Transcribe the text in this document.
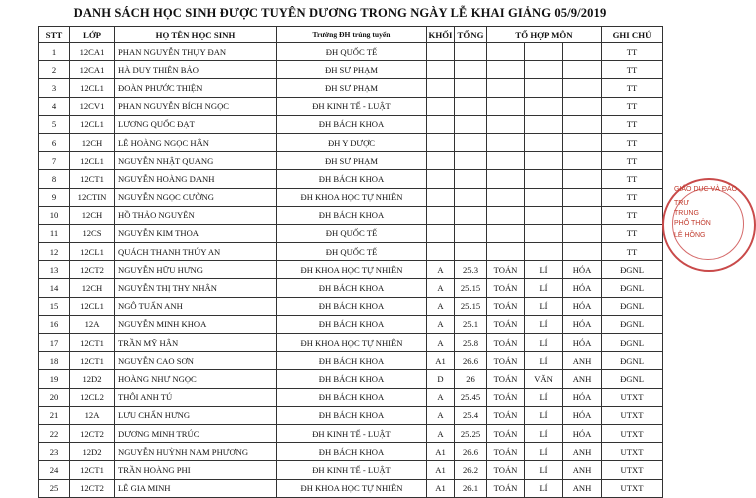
DANH SÁCH HỌC SINH ĐƯỢC TUYÊN DƯƠNG TRONG NGÀY LỄ KHAI GIẢNG 05/9/2019
STT	LỚP	HỌ TÊN HỌC SINH	Trường ĐH trúng tuyển	KHỐI	TỔNG	TỔ HỢP MÔN			GHI CHÚ
1	12CA1	PHAN NGUYỄN THỤY ĐAN	ĐH QUỐC TẾ						TT
2	12CA1	HÀ DUY THIÊN BẢO	ĐH SƯ PHẠM						TT
3	12CL1	ĐOÀN PHƯỚC THIỆN	ĐH SƯ PHẠM						TT
4	12CV1	PHAN NGUYỄN BÍCH NGỌC	ĐH KINH TẾ - LUẬT						TT
5	12CL1	LƯƠNG QUỐC ĐẠT	ĐH BÁCH KHOA						TT
6	12CH	LÊ HOÀNG NGỌC HÂN	ĐH Y DƯỢC						TT
7	12CL1	NGUYỄN NHẬT QUANG	ĐH SƯ PHẠM						TT
8	12CT1	NGUYỄN HOÀNG DANH	ĐH BÁCH KHOA						TT
9	12CTIN	NGUYỄN NGỌC CƯỜNG	ĐH KHOA HỌC TỰ NHIÊN						TT
10	12CH	HỒ THẢO NGUYÊN	ĐH BÁCH KHOA						TT
11	12CS	NGUYỄN KIM THOA	ĐH QUỐC TẾ						TT
12	12CL1	QUÁCH THANH THÚY AN	ĐH QUỐC TẾ						TT
13	12CT2	NGUYỄN HỮU HƯNG	ĐH KHOA HỌC TỰ NHIÊN	A	25.3	TOÁN	LÍ	HÓA	ĐGNL
14	12CH	NGUYỄN THỊ THY NHÂN	ĐH BÁCH KHOA	A	25.15	TOÁN	LÍ	HÓA	ĐGNL
15	12CL1	NGÔ TUẤN ANH	ĐH BÁCH KHOA	A	25.15	TOÁN	LÍ	HÓA	ĐGNL
16	12A	NGUYỄN MINH KHOA	ĐH BÁCH KHOA	A	25.1	TOÁN	LÍ	HÓA	ĐGNL
17	12CT1	TRẦN MỸ HÂN	ĐH KHOA HỌC TỰ NHIÊN	A	25.8	TOÁN	LÍ	HÓA	ĐGNL
18	12CT1	NGUYỄN CAO SƠN	ĐH BÁCH KHOA	A1	26.6	TOÁN	LÍ	ANH	ĐGNL
19	12D2	HOÀNG NHƯ NGỌC	ĐH BÁCH KHOA	D	26	TOÁN	VĂN	ANH	ĐGNL
20	12CL2	THÔI ANH TÚ	ĐH BÁCH KHOA	A	25.45	TOÁN	LÍ	HÓA	UTXT
21	12A	LƯU CHẤN HƯNG	ĐH BÁCH KHOA	A	25.4	TOÁN	LÍ	HÓA	UTXT
22	12CT2	DƯƠNG MINH TRÚC	ĐH KINH TẾ - LUẬT	A	25.25	TOÁN	LÍ	HÓA	UTXT
23	12D2	NGUYỄN HUỲNH NAM PHƯƠNG	ĐH BÁCH KHOA	A1	26.6	TOÁN	LÍ	ANH	UTXT
24	12CT1	TRẦN HOÀNG PHI	ĐH KINH TẾ - LUẬT	A1	26.2	TOÁN	LÍ	ANH	UTXT
25	12CT2	LÊ GIA MINH	ĐH KHOA HỌC TỰ NHIÊN	A1	26.1	TOÁN	LÍ	ANH	UTXT
GIÁO DỤC VÀ ĐÀO
TRƯ
TRUNG
PHỔ THÔN
LÊ HỒNG
